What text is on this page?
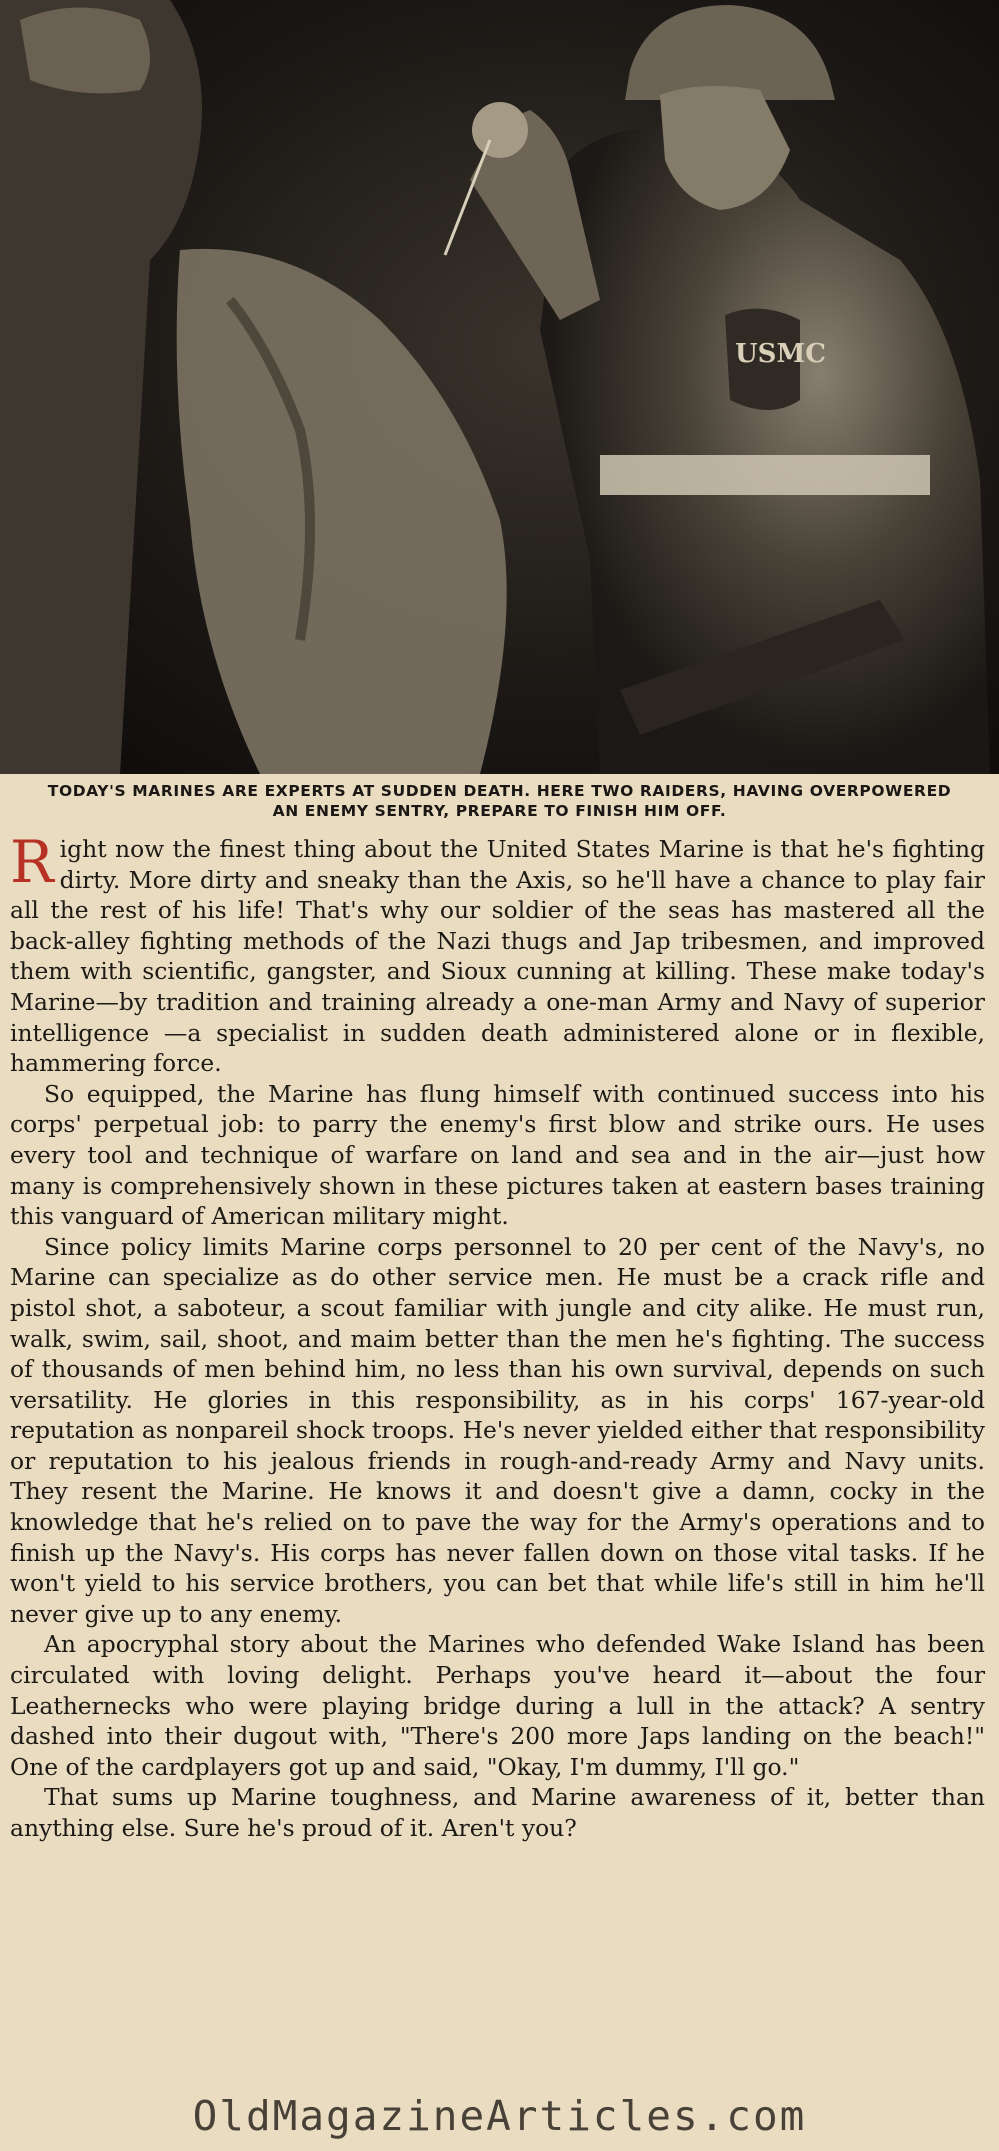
USMC
TODAY'S MARINES ARE EXPERTS AT SUDDEN DEATH. HERE TWO RAIDERS, HAVING OVERPOWERED
AN ENEMY SENTRY, PREPARE TO FINISH HIM OFF.

Right now the finest thing about the United States Marine is that he's fighting dirty. More dirty and sneaky than the Axis, so he'll have a chance to play fair all the rest of his life! That's why our soldier of the seas has mastered all the back-alley fighting methods of the Nazi thugs and Jap tribesmen, and improved them with scientific, gangster, and Sioux cunning at killing. These make today's Marine—by tradition and training already a one-man Army and Navy of superior intelligence —a specialist in sudden death administered alone or in flexible, hammering force.

So equipped, the Marine has flung himself with continued success into his corps' perpetual job: to parry the enemy's first blow and strike ours. He uses every tool and technique of warfare on land and sea and in the air—just how many is comprehensively shown in these pictures taken at eastern bases training this vanguard of American military might.

Since policy limits Marine corps personnel to 20 per cent of the Navy's, no Marine can specialize as do other service men. He must be a crack rifle and pistol shot, a saboteur, a scout familiar with jungle and city alike. He must run, walk, swim, sail, shoot, and maim better than the men he's fighting. The success of thousands of men behind him, no less than his own survival, depends on such versatility. He glories in this responsibility, as in his corps' 167-year-old reputation as nonpareil shock troops. He's never yielded either that responsibility or reputation to his jealous friends in rough-and-ready Army and Navy units. They resent the Marine. He knows it and doesn't give a damn, cocky in the knowledge that he's relied on to pave the way for the Army's operations and to finish up the Navy's. His corps has never fallen down on those vital tasks. If he won't yield to his service brothers, you can bet that while life's still in him he'll never give up to any enemy.

An apocryphal story about the Marines who defended Wake Island has been circulated with loving delight. Perhaps you've heard it—about the four Leathernecks who were playing bridge during a lull in the attack? A sentry dashed into their dugout with, "There's 200 more Japs landing on the beach!" One of the cardplayers got up and said, "Okay, I'm dummy, I'll go."

That sums up Marine toughness, and Marine awareness of it, better than anything else. Sure he's proud of it. Aren't you?

OldMagazineArticles.com
